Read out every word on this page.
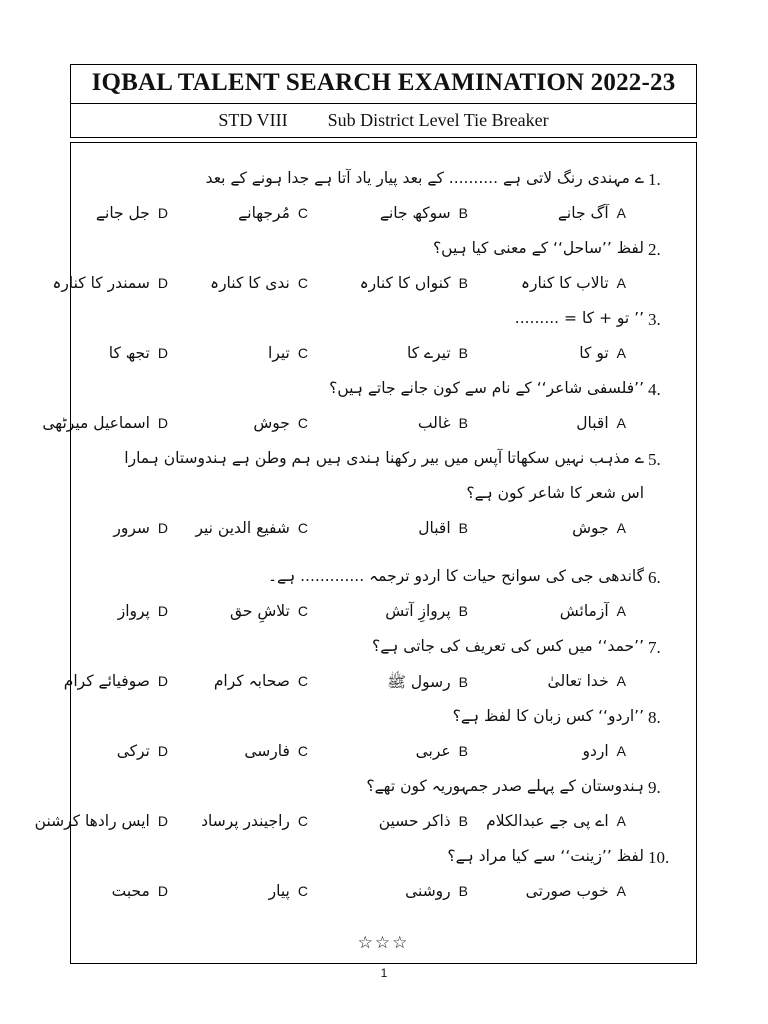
IQBAL TALENT SEARCH EXAMINATION 2022-23
STD VIII Sub District Level Tie Breaker
☆☆☆
1.
ے مہندی رنگ لاتی ہے .......... کے بعد پیار یاد آتا ہے جدا ہونے کے بعد
Aآگ جانے
Bسوکھ جانے
Cمُرجھانے
Dجل جانے
2.
لفظ ’’ساحل‘‘ کے معنی کیا ہیں؟
Aتالاب کا کنارہ
Bکنواں کا کنارہ
Cندی کا کنارہ
Dسمندر کا کنارہ
3.
’’ تو + کا = .........
Aتو کا
Bتیرے کا
Cتیرا
Dتجھ کا
4.
’’فلسفی شاعر‘‘ کے نام سے کون جانے جاتے ہیں؟
Aاقبال
Bغالب
Cجوش
Dاسماعیل میرٹھی
5.
ے مذہب نہیں سکھاتا آپس میں بیر رکھنا ہندی ہیں ہم وطن ہے ہندوستان ہمارا
اس شعر کا شاعر کون ہے؟
Aجوش
Bاقبال
Cشفیع الدین نیر
Dسرور
6.
گاندھی جی کی سوانح حیات کا اردو ترجمہ ............. ہے۔
Aآزمائش
Bپروازِ آتش
Cتلاشِ حق
Dپرواز
7.
’’حمد‘‘ میں کس کی تعریف کی جاتی ہے؟
Aخدا تعالیٰ
Bرسول ﷺ
Cصحابہ کرام
Dصوفیائے کرام
8.
’’اردو‘‘ کس زبان کا لفظ ہے؟
Aاردو
Bعربی
Cفارسی
Dترکی
9.
ہندوستان کے پہلے صدر جمہوریہ کون تھے؟
Aاے پی جے عبدالکلام
Bذاکر حسین
Cراجیندر پرساد
Dایس رادھا کرشنن
10.
لفظ ’’زینت‘‘ سے کیا مراد ہے؟
Aخوب صورتی
Bروشنی
Cپیار
Dمحبت
1
